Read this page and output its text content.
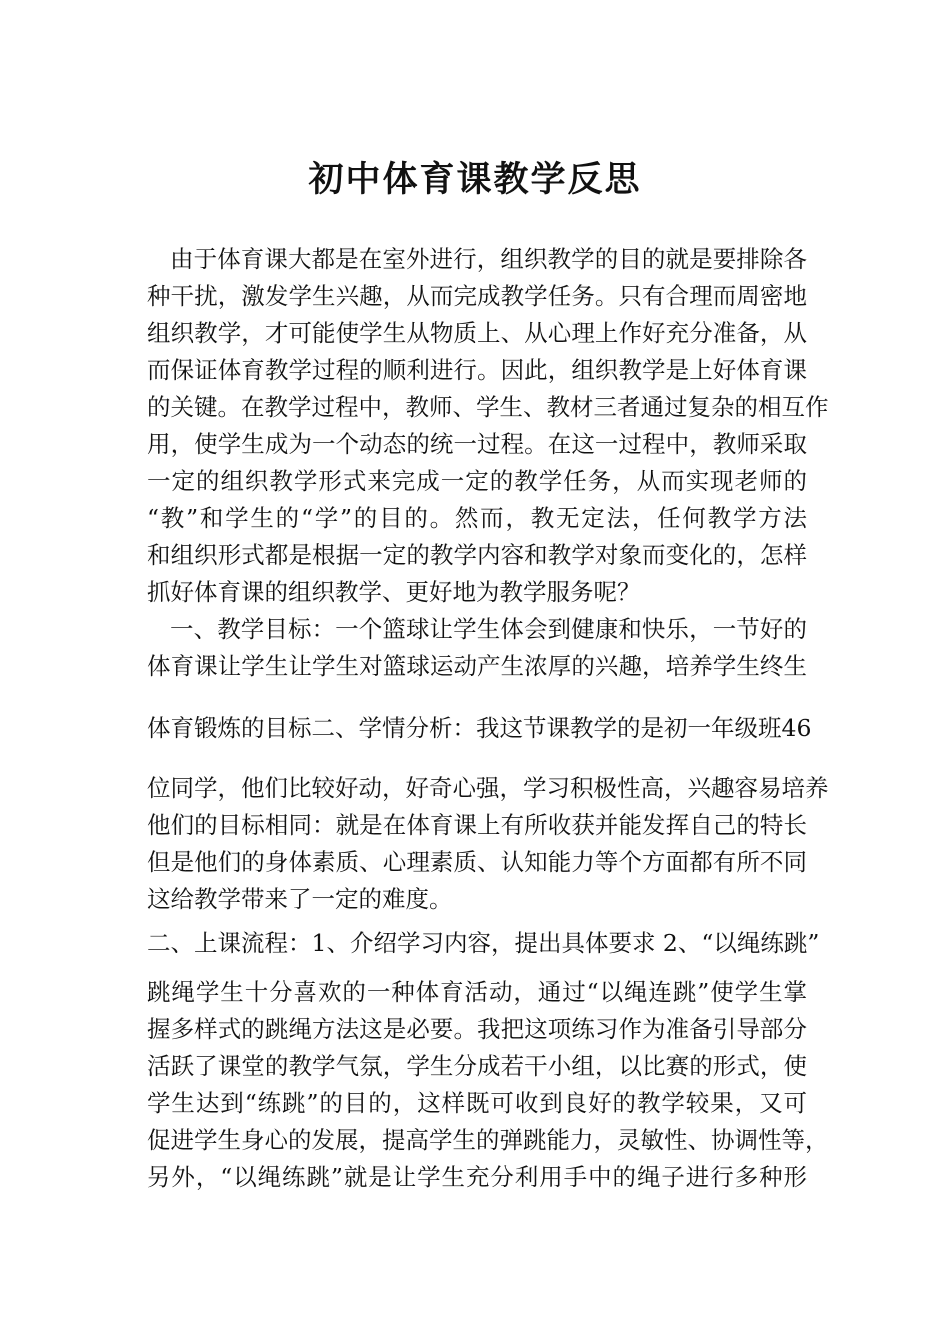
初中体育课教学反思
由于体育课大都是在室外进行，组织教学的目的就是要排除各
种干扰，激发学生兴趣，从而完成教学任务。只有合理而周密地
组织教学，才可能使学生从物质上、从心理上作好充分准备，从
而保证体育教学过程的顺利进行。因此，组织教学是上好体育课
的关键。在教学过程中，教师、学生、教材三者通过复杂的相互作
用，使学生成为一个动态的统一过程。在这一过程中，教师采取
一定的组织教学形式来完成一定的教学任务，从而实现老师的
“教”和学生的“学”的目的。然而，教无定法，任何教学方法
和组织形式都是根据一定的教学内容和教学对象而变化的，怎样
抓好体育课的组织教学、更好地为教学服务呢？
一、教学目标：一个篮球让学生体会到健康和快乐，一节好的
体育课让学生让学生对篮球运动产生浓厚的兴趣，培养学生终生
体育锻炼的目标二、学情分析：我这节课教学的是初一年级班46
位同学，他们比较好动，好奇心强，学习积极性高，兴趣容易培养
他们的目标相同：就是在体育课上有所收获并能发挥自己的特长
但是他们的身体素质、心理素质、认知能力等个方面都有所不同
这给教学带来了一定的难度。
二、上课流程：1、介绍学习内容，提出具体要求 2、“以绳练跳”
跳绳学生十分喜欢的一种体育活动，通过“以绳连跳”使学生掌
握多样式的跳绳方法这是必要。我把这项练习作为准备引导部分
活跃了课堂的教学气氛，学生分成若干小组，以比赛的形式，使
学生达到“练跳”的目的，这样既可收到良好的教学较果，又可
促进学生身心的发展，提高学生的弹跳能力，灵敏性、协调性等，
另外，“以绳练跳”就是让学生充分利用手中的绳子进行多种形
